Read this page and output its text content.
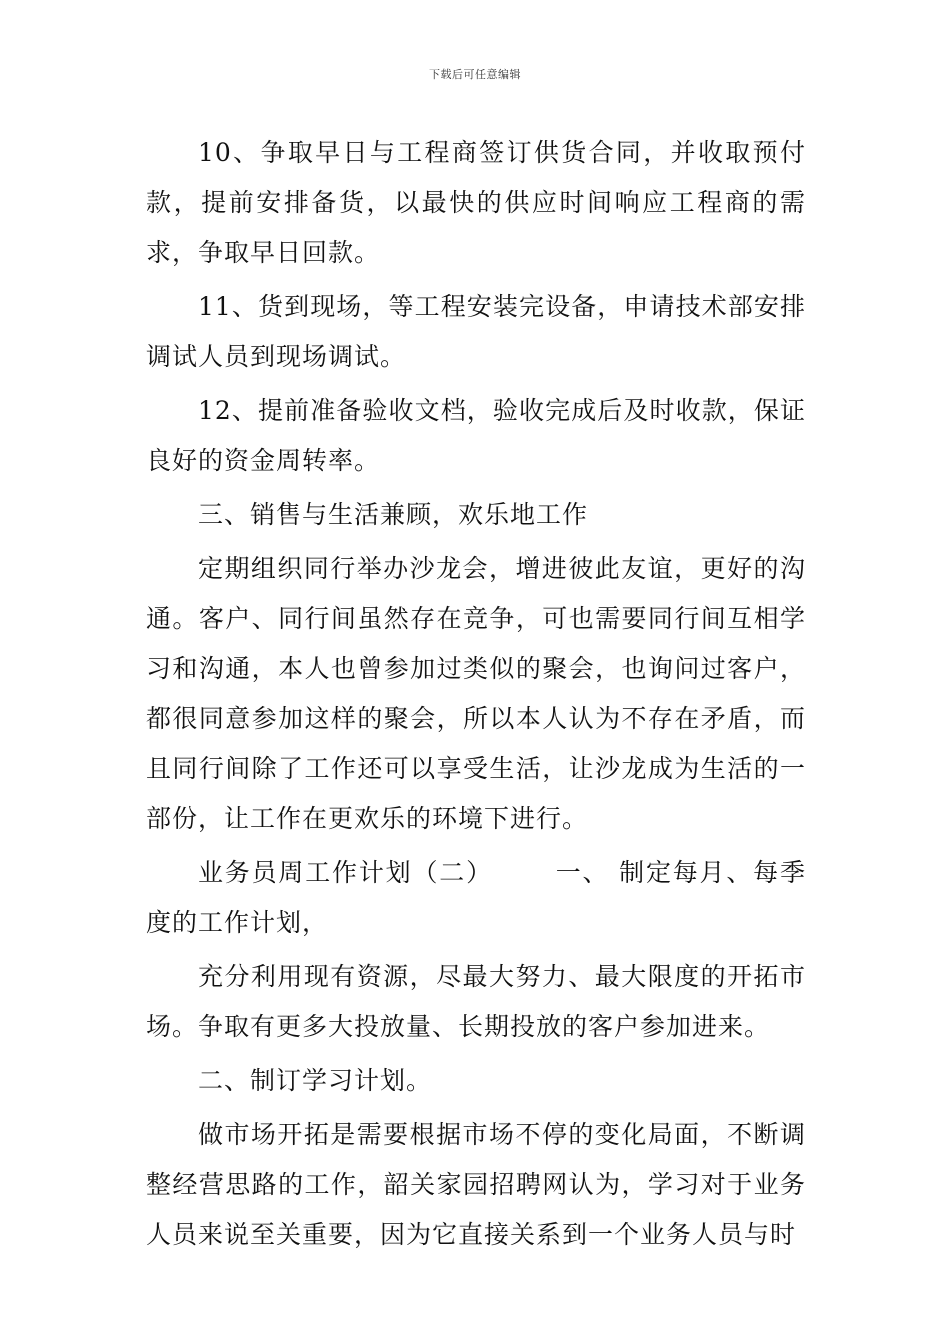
下载后可任意编辑

10、争取早日与工程商签订供货合同，并收取预付款，提前安排备货，以最快的供应时间响应工程商的需求，争取早日回款。

11、货到现场，等工程安装完设备，申请技术部安排调试人员到现场调试。

12、提前准备验收文档，验收完成后及时收款，保证良好的资金周转率。

三、销售与生活兼顾，欢乐地工作

定期组织同行举办沙龙会，增进彼此友谊，更好的沟通。客户、同行间虽然存在竞争，可也需要同行间互相学习和沟通，本人也曾参加过类似的聚会，也询问过客户，都很同意参加这样的聚会，所以本人认为不存在矛盾，而且同行间除了工作还可以享受生活，让沙龙成为生活的一部份，让工作在更欢乐的环境下进行。

业务员周工作计划（二） 一、 制定每月、每季度的工作计划，

充分利用现有资源，尽最大努力、最大限度的开拓市场。争取有更多大投放量、长期投放的客户参加进来。

二、制订学习计划。

做市场开拓是需要根据市场不停的变化局面，不断调整经营思路的工作，韶关家园招聘网认为，学习对于业务人员来说至关重要，因为它直接关系到一个业务人员与时
